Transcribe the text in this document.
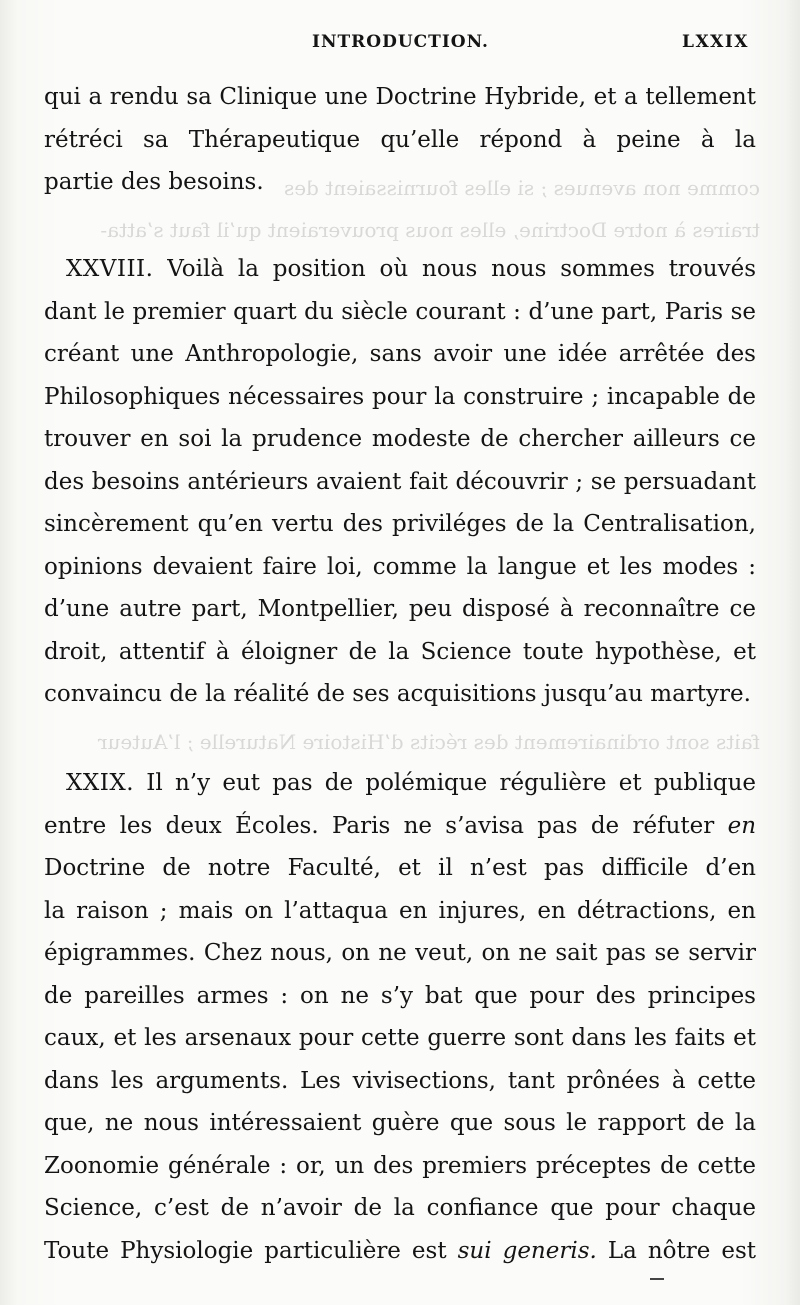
comme non avenues ; si elles fournissaient des
traires à notre Doctrine, elles nous prouveraient qu’il faut s’atta-
faits sont ordinairement des récits d’Histoire Naturelle ; l’Auteur
INTRODUCTION.	LXXIX
qui a rendu sa Clinique une Doctrine Hybride, et a tellement
rétréci sa Thérapeutique qu’elle répond à peine à la
partie des besoins.
XXVIII. Voilà la position où nous nous sommes trouvés
dant le premier quart du siècle courant : d’une part, Paris se
créant une Anthropologie, sans avoir une idée arrêtée des
Philosophiques nécessaires pour la construire ; incapable de
trouver en soi la prudence modeste de chercher ailleurs ce
des besoins antérieurs avaient fait découvrir ; se persuadant
sincèrement qu’en vertu des priviléges de la Centralisation,
opinions devaient faire loi, comme la langue et les modes :
d’une autre part, Montpellier, peu disposé à reconnaître ce
droit, attentif à éloigner de la Science toute hypothèse, et
convaincu de la réalité de ses acquisitions jusqu’au martyre.
XXIX. Il n’y eut pas de polémique régulière et publique
entre les deux Écoles. Paris ne s’avisa pas de réfuter en
Doctrine de notre Faculté, et il n’est pas difficile d’en
la raison ; mais on l’attaqua en injures, en détractions, en
épigrammes. Chez nous, on ne veut, on ne sait pas se servir
de pareilles armes : on ne s’y bat que pour des principes
caux, et les arsenaux pour cette guerre sont dans les faits et
dans les arguments. Les vivisections, tant prônées à cette
que, ne nous intéressaient guère que sous le rapport de la
Zoonomie générale : or, un des premiers préceptes de cette
Science, c’est de n’avoir de la confiance que pour chaque
Toute Physiologie particulière est sui generis. La nôtre est
